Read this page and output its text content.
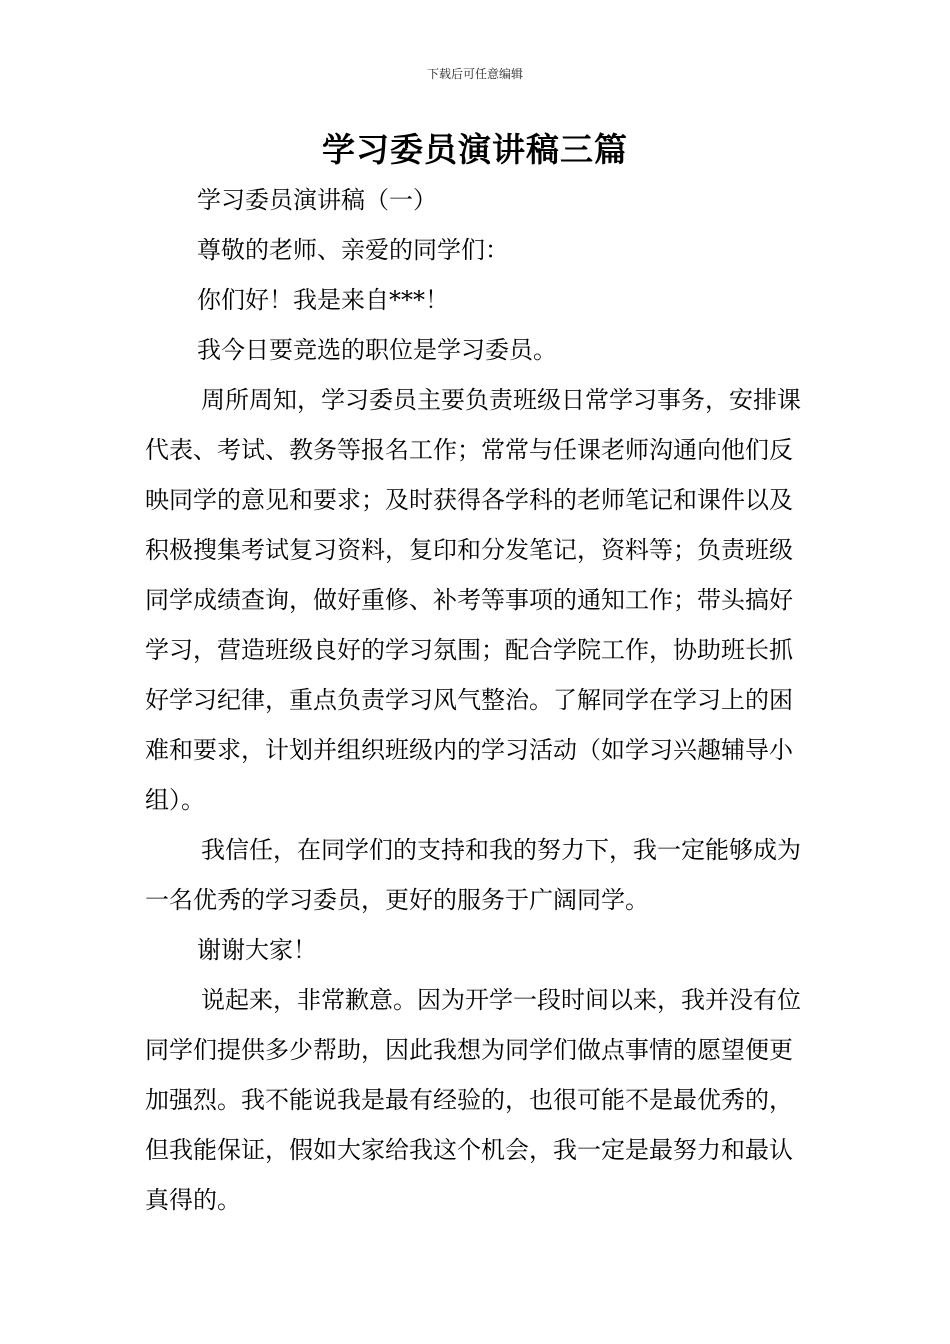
下载后可任意编辑
学习委员演讲稿三篇

学习委员演讲稿（一）

尊敬的老师、亲爱的同学们：

你们好！我是来自***！

我今日要竞选的职位是学习委员。

周所周知，学习委员主要负责班级日常学习事务，安排课代表、考试、教务等报名工作；常常与任课老师沟通向他们反映同学的意见和要求；及时获得各学科的老师笔记和课件以及积极搜集考试复习资料，复印和分发笔记，资料等；负责班级同学成绩查询，做好重修、补考等事项的通知工作；带头搞好学习，营造班级良好的学习氛围；配合学院工作，协助班长抓好学习纪律，重点负责学习风气整治。了解同学在学习上的困难和要求，计划并组织班级内的学习活动（如学习兴趣辅导小组）。

我信任，在同学们的支持和我的努力下，我一定能够成为一名优秀的学习委员，更好的服务于广阔同学。

谢谢大家！

说起来，非常歉意。因为开学一段时间以来，我并没有位同学们提供多少帮助，因此我想为同学们做点事情的愿望便更加强烈。我不能说我是最有经验的，也很可能不是最优秀的，但我能保证，假如大家给我这个机会，我一定是最努力和最认真得的。
